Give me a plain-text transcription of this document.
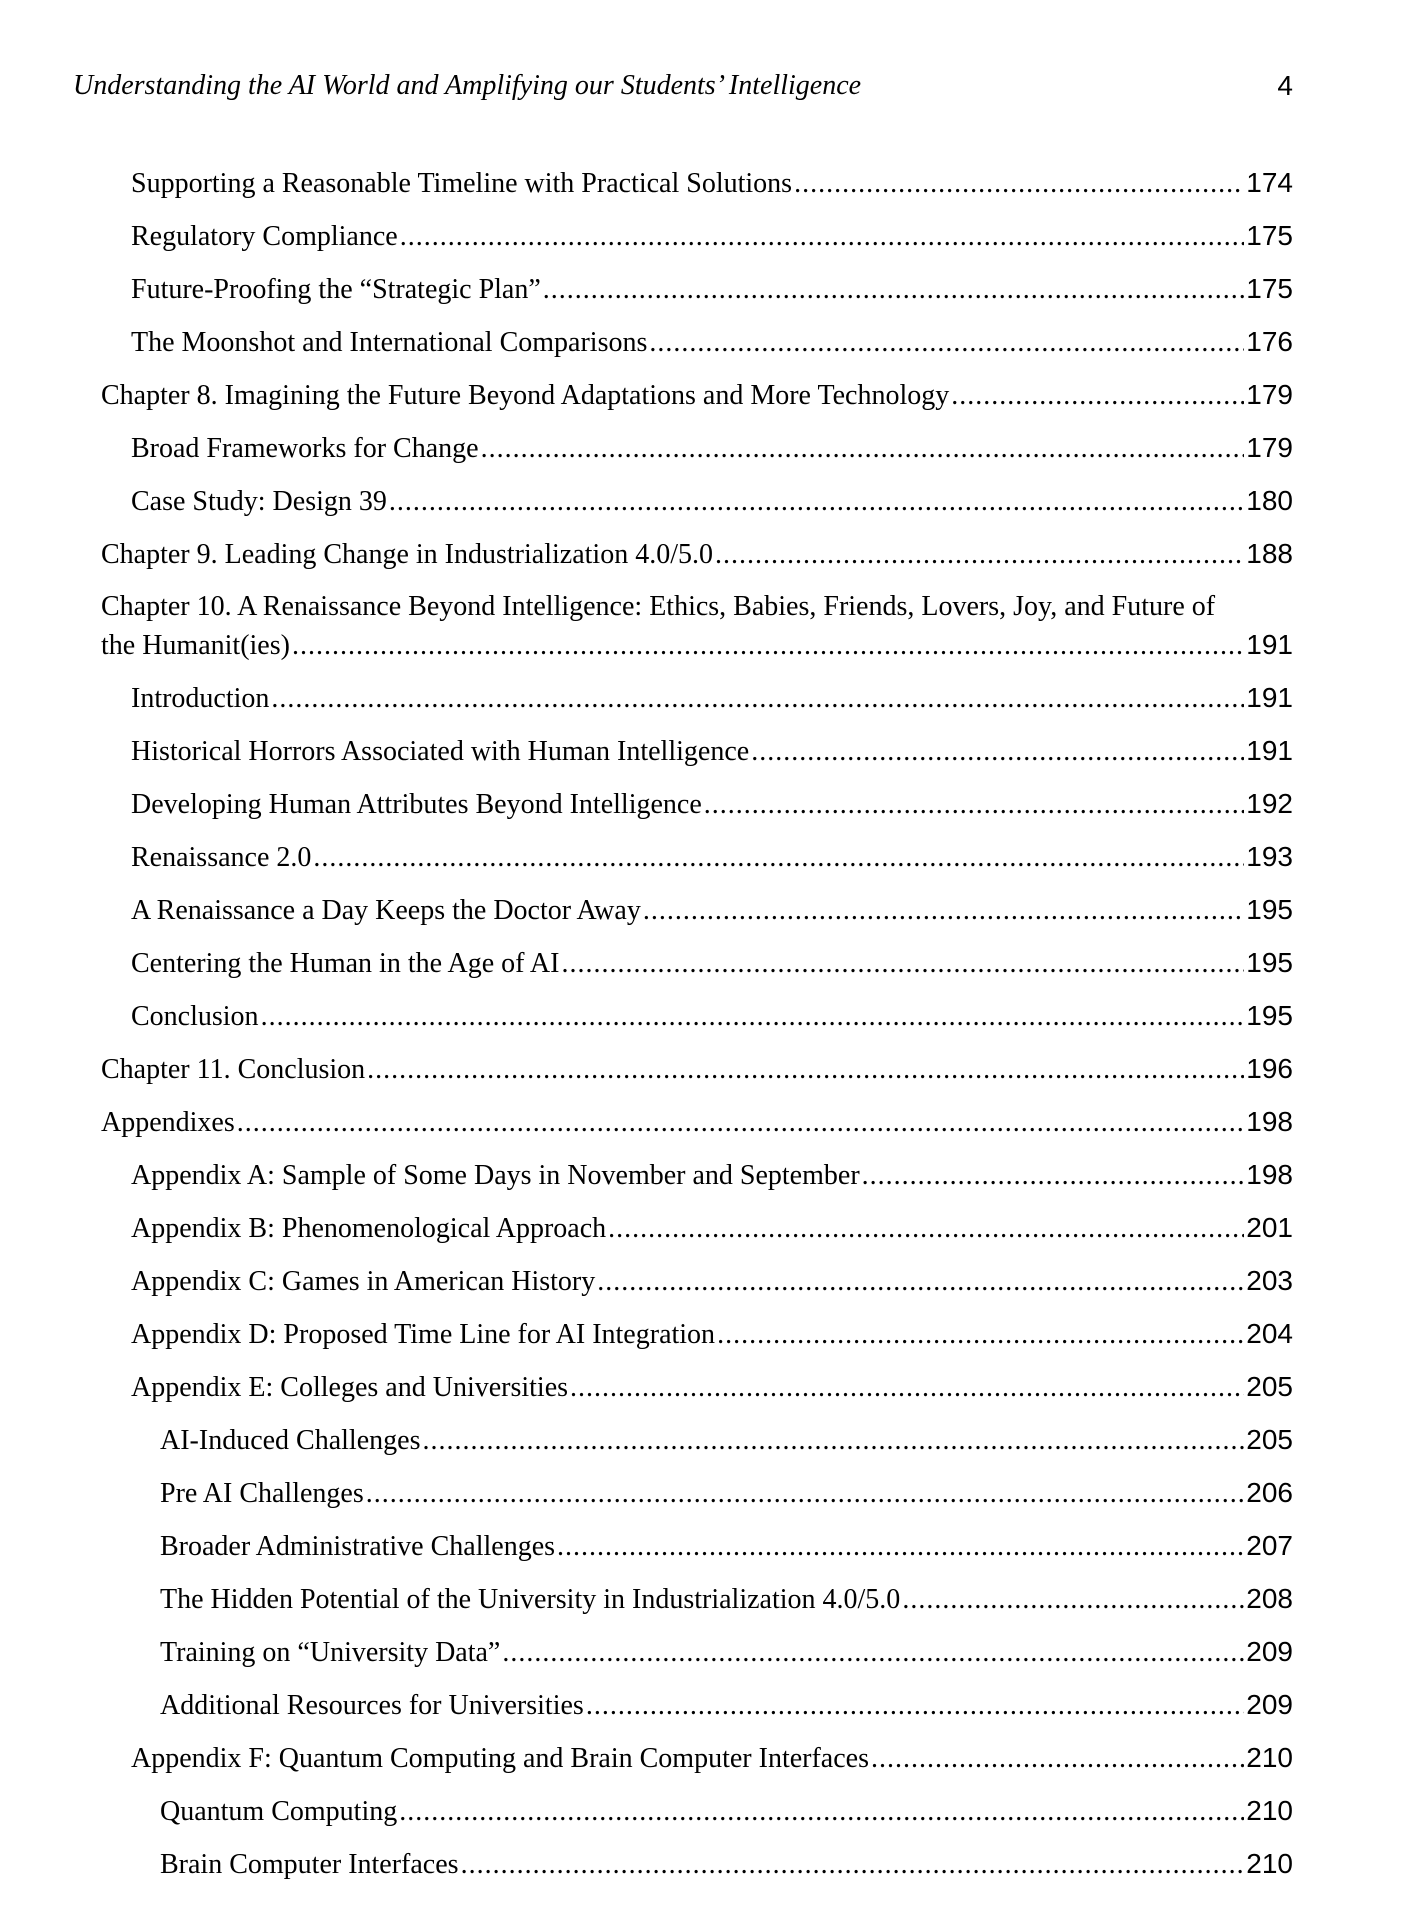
Understanding the AI World and Amplifying our Students’ Intelligence	4
Supporting a Reasonable Timeline with Practical Solutions .....	174
Regulatory Compliance .....	175
Future-Proofing the “Strategic Plan” .....	175
The Moonshot and International Comparisons .....	176
Chapter 8. Imagining the Future Beyond Adaptations and More Technology .....	179
Broad Frameworks for Change .....	179
Case Study: Design 39 .....	180
Chapter 9. Leading Change in Industrialization 4.0/5.0 .....	188
Chapter 10. A Renaissance Beyond Intelligence: Ethics, Babies, Friends, Lovers, Joy, and Future of
the Humanit(ies) .....	191
Introduction .....	191
Historical Horrors Associated with Human Intelligence .....	191
Developing Human Attributes Beyond Intelligence .....	192
Renaissance 2.0 .....	193
A Renaissance a Day Keeps the Doctor Away .....	195
Centering the Human in the Age of AI .....	195
Conclusion .....	195
Chapter 11. Conclusion .....	196
Appendixes .....	198
Appendix A: Sample of Some Days in November and September .....	198
Appendix B: Phenomenological Approach .....	201
Appendix C: Games in American History .....	203
Appendix D: Proposed Time Line for AI Integration .....	204
Appendix E: Colleges and Universities .....	205
AI-Induced Challenges .....	205
Pre AI Challenges .....	206
Broader Administrative Challenges .....	207
The Hidden Potential of the University in Industrialization 4.0/5.0 .....	208
Training on “University Data” .....	209
Additional Resources for Universities .....	209
Appendix F: Quantum Computing and Brain Computer Interfaces .....	210
Quantum Computing .....	210
Brain Computer Interfaces .....	210
